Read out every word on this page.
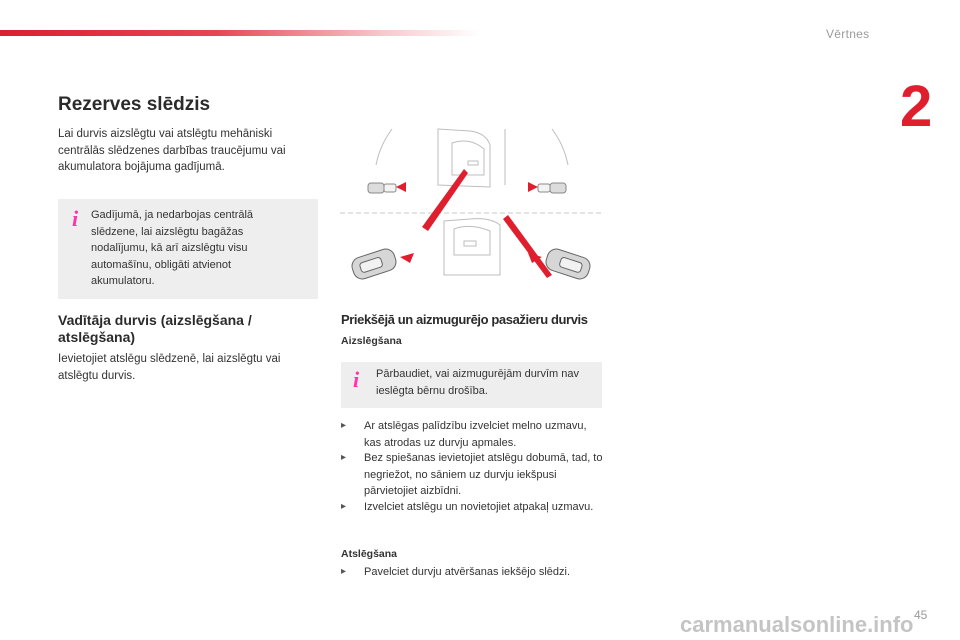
Vērtnes
2
Rezerves slēdzis
Lai durvis aizslēgtu vai atslēgtu mehāniski centrālās slēdzenes darbības traucējumu vai akumulatora bojājuma gadījumā.
i Gadījumā, ja nedarbojas centrālā slēdzene, lai aizslēgtu bagāžas nodalījumu, kā arī aizslēgtu visu automašīnu, obligāti atvienot akumulatoru.
Vadītāja durvis (aizslēgšana / atslēgšana)
Ievietojiet atslēgu slēdzenē, lai aizslēgtu vai atslēgtu durvis.
Priekšējā un aizmugurējo pasažieru durvis
Aizslēgšana
i Pārbaudiet, vai aizmugurējām durvīm nav ieslēgta bērnu drošība.
▸ Ar atslēgas palīdzību izvelciet melno uzmavu, kas atrodas uz durvju apmales.
▸ Bez spiešanas ievietojiet atslēgu dobumā, tad, to negriežot, no sāniem uz durvju iekšpusi pārvietojiet aizbīdni.
▸ Izvelciet atslēgu un novietojiet atpakaļ uzmavu.
Atslēgšana
▸ Pavelciet durvju atvēršanas iekšējo slēdzi.
carmanualsonline.info 45
